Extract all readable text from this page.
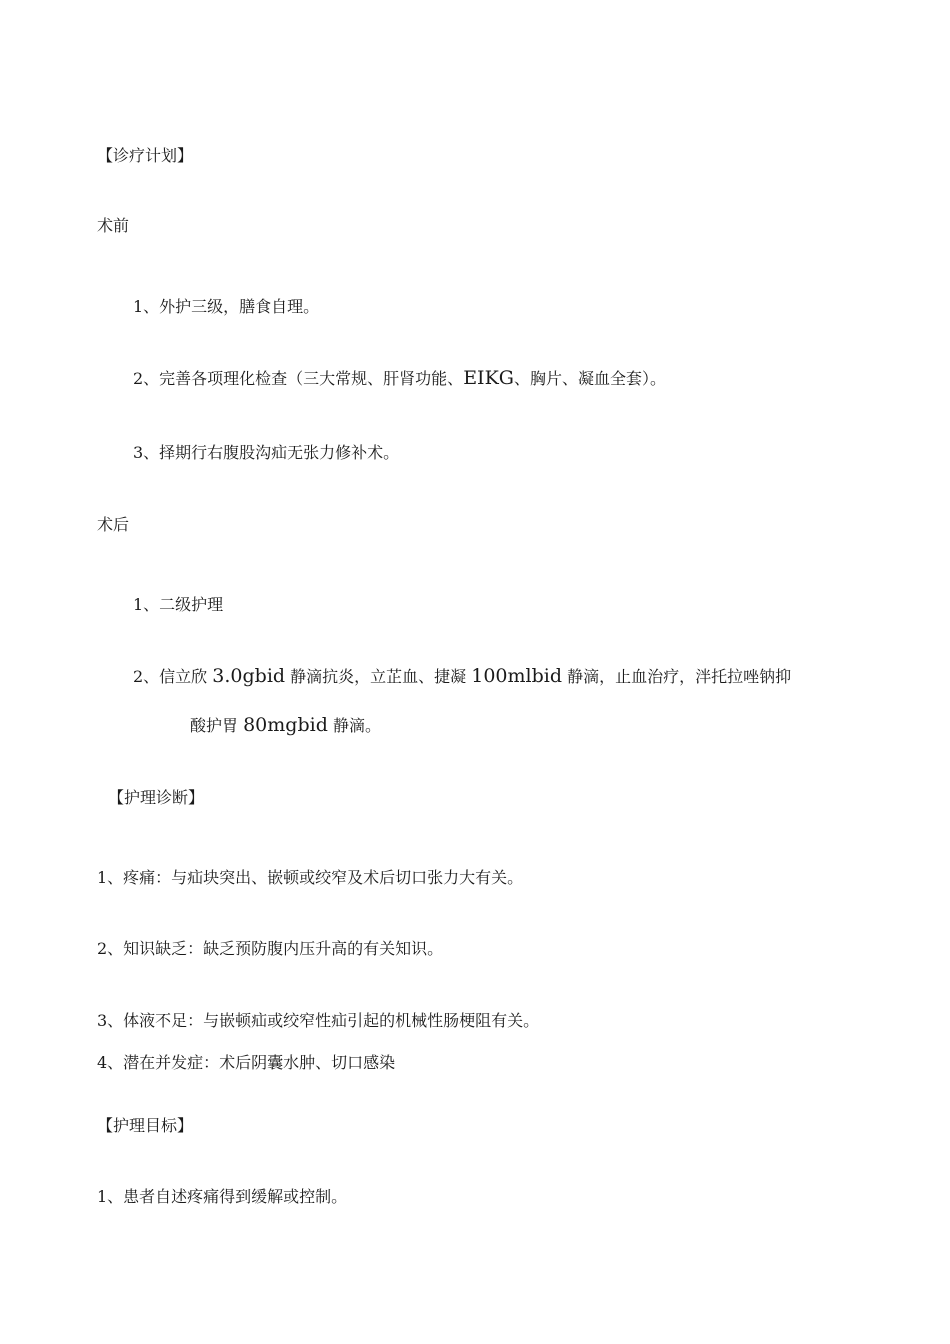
【诊疗计划】
术前
1、外护三级，膳食自理。
2、完善各项理化检查（三大常规、肝肾功能、EIKG、胸片、凝血全套）。
3、择期行右腹股沟疝无张力修补术。
术后
1、二级护理
2、信立欣 3.0gbid 静滴抗炎，立芷血、捷凝 100mlbid 静滴，止血治疗，泮托拉唑钠抑
酸护胃 80mgbid 静滴。
【护理诊断】
1、疼痛：与疝块突出、嵌顿或绞窄及术后切口张力大有关。
2、知识缺乏：缺乏预防腹内压升高的有关知识。
3、体液不足：与嵌顿疝或绞窄性疝引起的机械性肠梗阻有关。
4、潜在并发症：术后阴囊水肿、切口感染
【护理目标】
1、患者自述疼痛得到缓解或控制。
